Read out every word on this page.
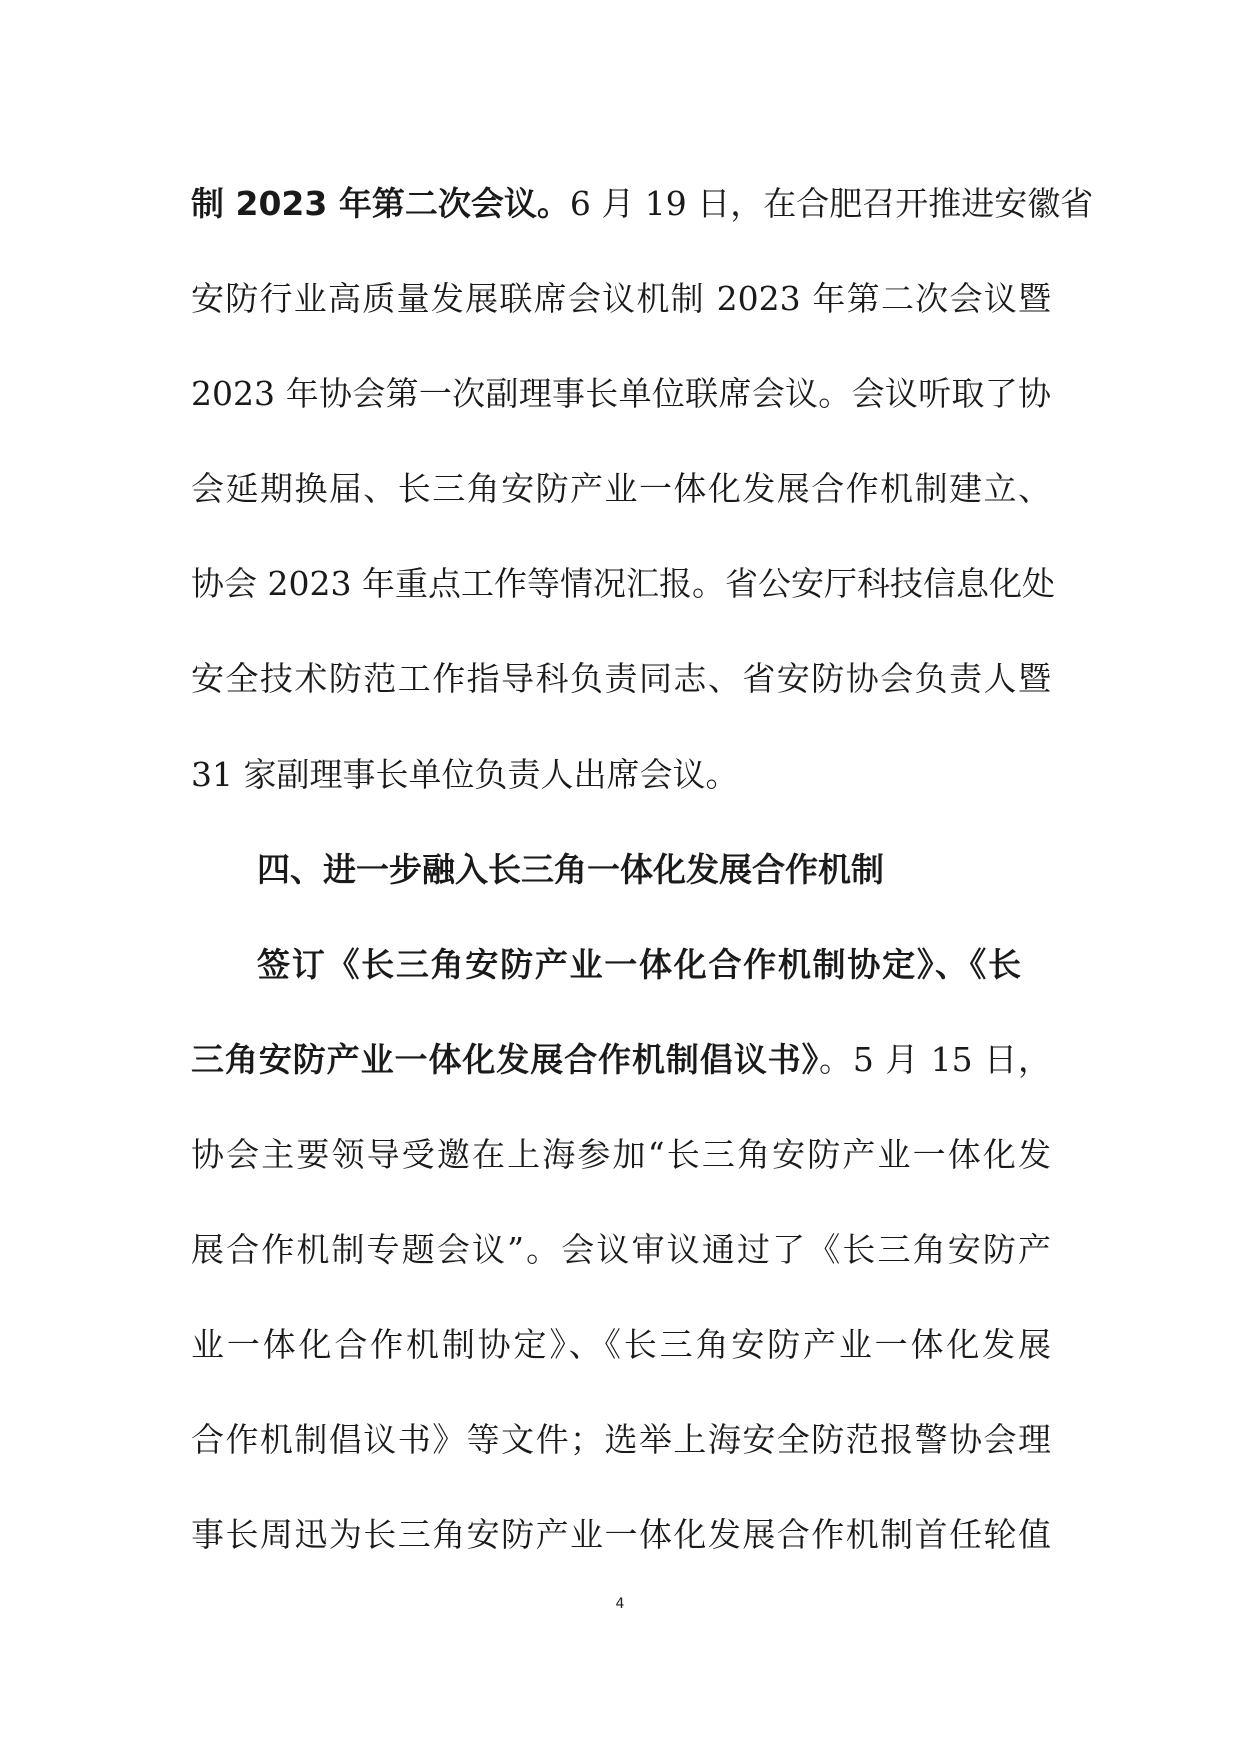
制 2023 年第二次会议。6 月 19 日，在合肥召开推进安徽省
安防行业高质量发展联席会议机制 2023 年第二次会议暨
2023 年协会第一次副理事长单位联席会议。会议听取了协
会延期换届、长三角安防产业一体化发展合作机制建立、
协会 2023 年重点工作等情况汇报。省公安厅科技信息化处
安全技术防范工作指导科负责同志、省安防协会负责人暨
31 家副理事长单位负责人出席会议。
四、进一步融入长三角一体化发展合作机制
签订《长三角安防产业一体化合作机制协定》、《长
三角安防产业一体化发展合作机制倡议书》。5 月 15 日，
协会主要领导受邀在上海参加“长三角安防产业一体化发
展合作机制专题会议”。会议审议通过了《长三角安防产
业一体化合作机制协定》、《长三角安防产业一体化发展
合作机制倡议书》等文件；选举上海安全防范报警协会理
事长周迅为长三角安防产业一体化发展合作机制首任轮值
4
